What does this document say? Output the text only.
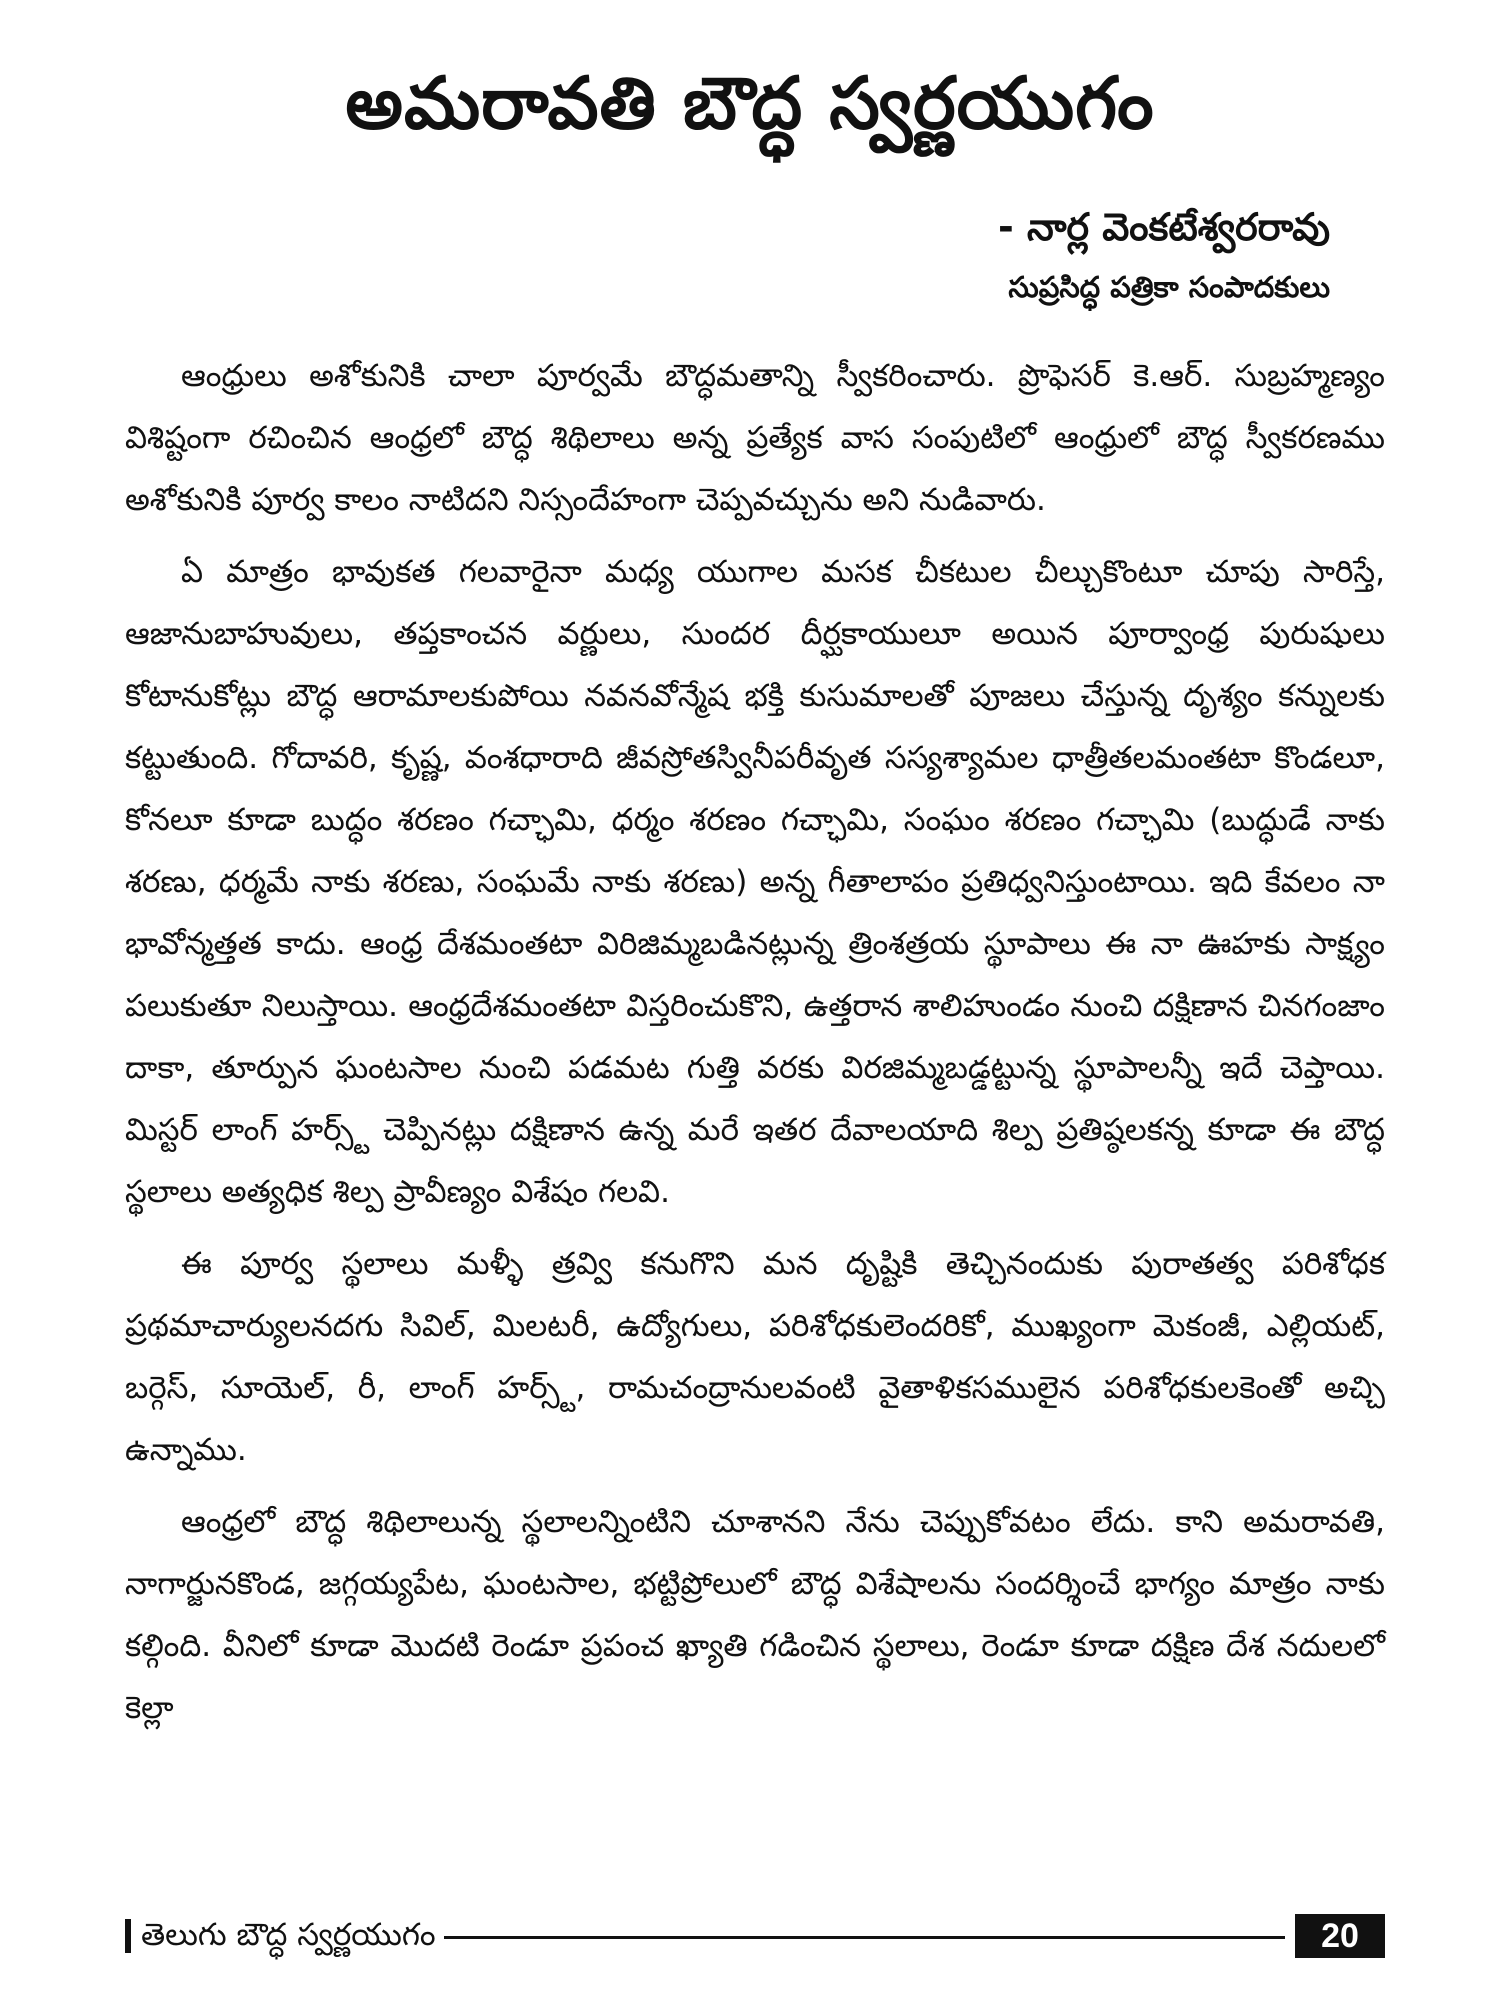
అమరావతి బౌద్ధ స్వర్ణయుగం
- నార్ల వెంకటేశ్వరరావు
సుప్రసిద్ధ పత్రికా సంపాదకులు

ఆంధ్రులు అశోకునికి చాలా పూర్వమే బౌద్ధమతాన్ని స్వీకరించారు. ప్రొఫెసర్ కె.ఆర్. సుబ్రహ్మణ్యం విశిష్టంగా రచించిన ఆంధ్రలో బౌద్ధ శిథిలాలు అన్న ప్రత్యేక వాస సంపుటిలో ఆంధ్రులో బౌద్ధ స్వీకరణము అశోకునికి పూర్వ కాలం నాటిదని నిస్సందేహంగా చెప్పవచ్చును అని నుడివారు.

ఏ మాత్రం భావుకత గలవారైనా మధ్య యుగాల మసక చీకటుల చీల్చుకొంటూ చూపు సారిస్తే, ఆజానుబాహువులు, తప్తకాంచన వర్ణులు, సుందర దీర్ఘకాయులూ అయిన పూర్వాంధ్ర పురుషులు కోటానుకోట్లు బౌద్ధ ఆరామాలకుపోయి నవనవోన్మేష భక్తి కుసుమాలతో పూజలు చేస్తున్న దృశ్యం కన్నులకు కట్టుతుంది. గోదావరి, కృష్ణ, వంశధారాది జీవస్రోతస్వినీపరీవృత సస్యశ్యామల ధాత్రీతలమంతటా కొండలూ, కోనలూ కూడా బుద్ధం శరణం గచ్ఛామి, ధర్మం శరణం గచ్ఛామి, సంఘం శరణం గచ్ఛామి (బుద్ధుడే నాకు శరణు, ధర్మమే నాకు శరణు, సంఘమే నాకు శరణు) అన్న గీతాలాపం ప్రతిధ్వనిస్తుంటాయి. ఇది కేవలం నా భావోన్మత్తత కాదు. ఆంధ్ర దేశమంతటా విరిజిమ్మబడినట్లున్న త్రింశత్రయ స్థూపాలు ఈ నా ఊహకు సాక్ష్యం పలుకుతూ నిలుస్తాయి. ఆంధ్రదేశమంతటా విస్తరించుకొని, ఉత్తరాన శాలిహుండం నుంచి దక్షిణాన చినగంజాం దాకా, తూర్పున ఘంటసాల నుంచి పడమట గుత్తి వరకు విరజిమ్మబడ్డట్టున్న స్థూపాలన్నీ ఇదే చెప్తాయి. మిస్టర్ లాంగ్ హర్స్ట్ చెప్పినట్లు దక్షిణాన ఉన్న మరే ఇతర దేవాలయాది శిల్ప ప్రతిష్ఠలకన్న కూడా ఈ బౌద్ధ స్థలాలు అత్యధిక శిల్ప ప్రావీణ్యం విశేషం గలవి.

ఈ పూర్వ స్థలాలు మళ్ళీ త్రవ్వి కనుగొని మన దృష్టికి తెచ్చినందుకు పురాతత్వ పరిశోధక ప్రథమాచార్యులనదగు సివిల్, మిలటరీ, ఉద్యోగులు, పరిశోధకులెందరికో, ముఖ్యంగా మెకంజీ, ఎల్లియట్, బర్గెస్, సూయెల్, రీ, లాంగ్ హర్స్ట్, రామచంద్రానులవంటి వైతాళికసములైన పరిశోధకులకెంతో అచ్చి ఉన్నాము.

ఆంధ్రలో బౌద్ధ శిథిలాలున్న స్థలాలన్నింటిని చూశానని నేను చెప్పుకోవటం లేదు. కాని అమరావతి, నాగార్జునకొండ, జగ్గయ్యపేట, ఘంటసాల, భట్టిప్రోలులో బౌద్ధ విశేషాలను సందర్శించే భాగ్యం మాత్రం నాకు కల్గింది. వీనిలో కూడా మొదటి రెండూ ప్రపంచ ఖ్యాతి గడించిన స్థలాలు, రెండూ కూడా దక్షిణ దేశ నదులలో కెల్లా

తెలుగు బౌద్ధ స్వర్ణయుగం	20
